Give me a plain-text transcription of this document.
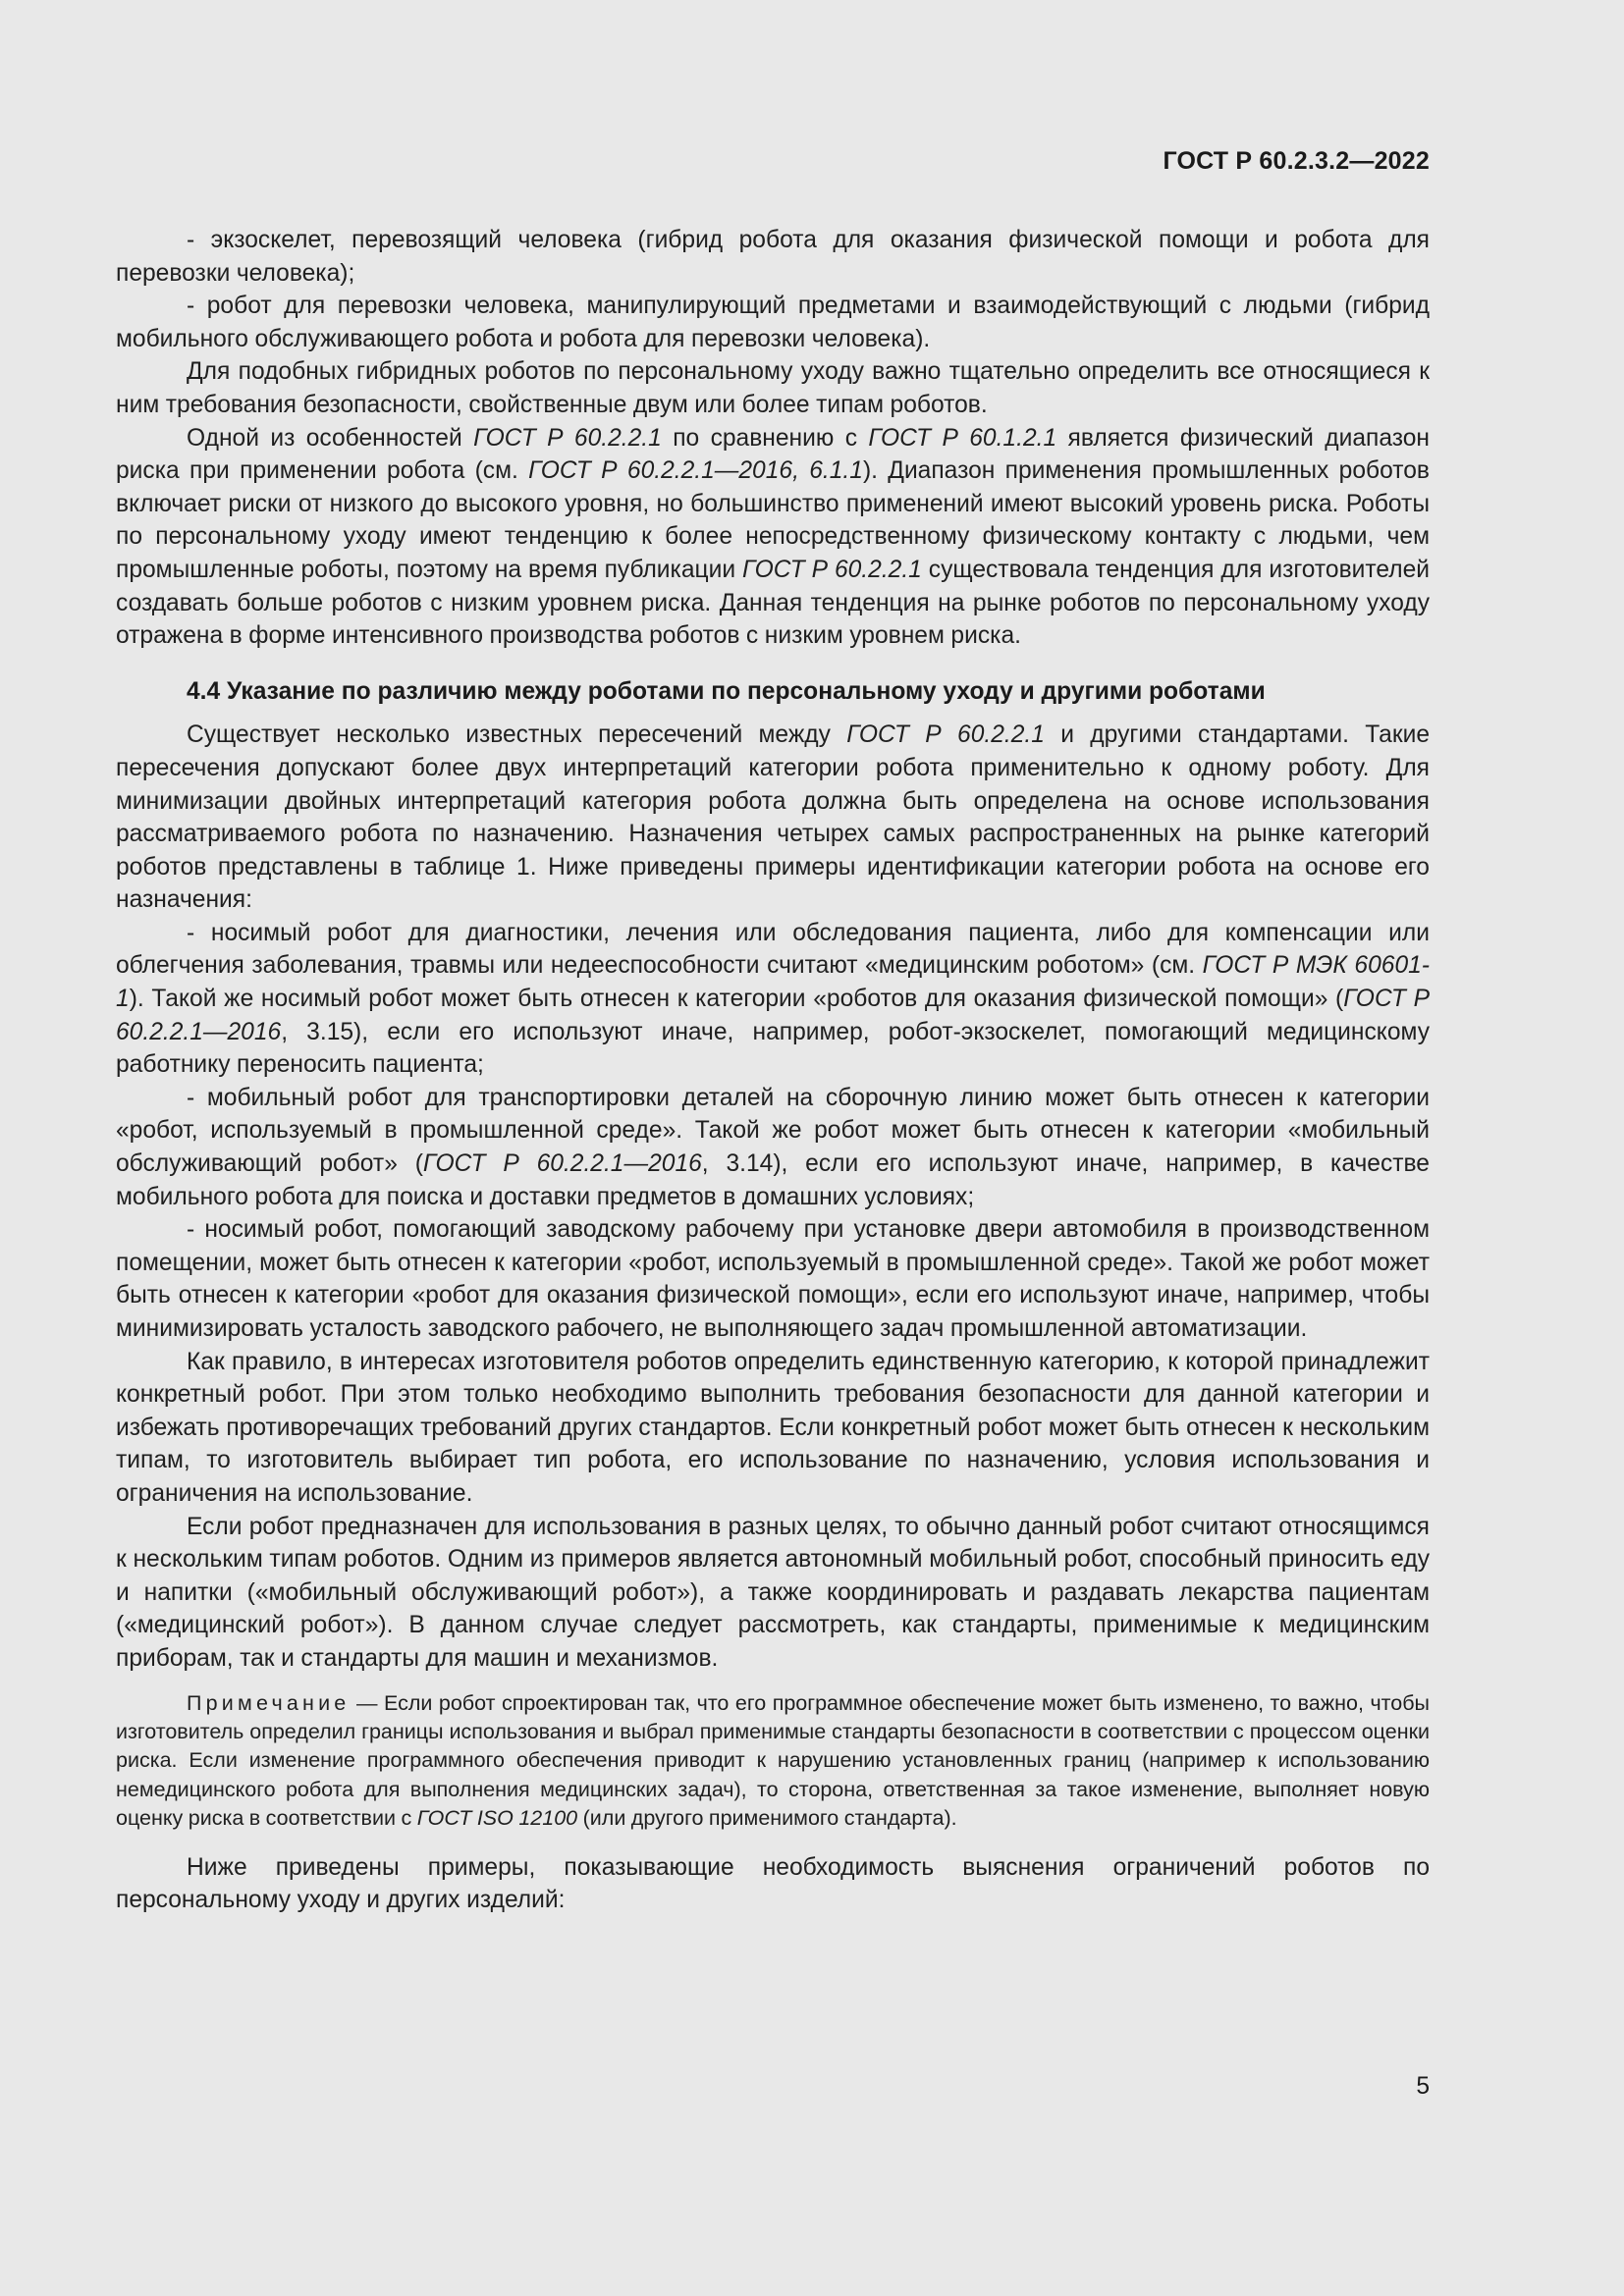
ГОСТ Р 60.2.3.2—2022

- экзоскелет, перевозящий человека (гибрид робота для оказания физической помощи и робота для перевозки человека);

- робот для перевозки человека, манипулирующий предметами и взаимодействующий с людьми (гибрид мобильного обслуживающего робота и робота для перевозки человека).

Для подобных гибридных роботов по персональному уходу важно тщательно определить все относящиеся к ним требования безопасности, свойственные двум или более типам роботов.

Одной из особенностей ГОСТ Р 60.2.2.1 по сравнению с ГОСТ Р 60.1.2.1 является физический диапазон риска при применении робота (см. ГОСТ Р 60.2.2.1—2016, 6.1.1). Диапазон применения промышленных роботов включает риски от низкого до высокого уровня, но большинство применений имеют высокий уровень риска. Роботы по персональному уходу имеют тенденцию к более непосредственному физическому контакту с людьми, чем промышленные роботы, поэтому на время публикации ГОСТ Р 60.2.2.1 существовала тенденция для изготовителей создавать больше роботов с низким уровнем риска. Данная тенденция на рынке роботов по персональному уходу отражена в форме интенсивного производства роботов с низким уровнем риска.

4.4 Указание по различию между роботами по персональному уходу и другими роботами

Существует несколько известных пересечений между ГОСТ Р 60.2.2.1 и другими стандартами. Такие пересечения допускают более двух интерпретаций категории робота применительно к одному роботу. Для минимизации двойных интерпретаций категория робота должна быть определена на основе использования рассматриваемого робота по назначению. Назначения четырех самых распространенных на рынке категорий роботов представлены в таблице 1. Ниже приведены примеры идентификации категории робота на основе его назначения:

- носимый робот для диагностики, лечения или обследования пациента, либо для компенсации или облегчения заболевания, травмы или недееспособности считают «медицинским роботом» (см. ГОСТ Р МЭК 60601-1). Такой же носимый робот может быть отнесен к категории «роботов для оказания физической помощи» (ГОСТ Р 60.2.2.1—2016, 3.15), если его используют иначе, например, робот-экзоскелет, помогающий медицинскому работнику переносить пациента;

- мобильный робот для транспортировки деталей на сборочную линию может быть отнесен к категории «робот, используемый в промышленной среде». Такой же робот может быть отнесен к категории «мобильный обслуживающий робот» (ГОСТ Р 60.2.2.1—2016, 3.14), если его используют иначе, например, в качестве мобильного робота для поиска и доставки предметов в домашних условиях;

- носимый робот, помогающий заводскому рабочему при установке двери автомобиля в производственном помещении, может быть отнесен к категории «робот, используемый в промышленной среде». Такой же робот может быть отнесен к категории «робот для оказания физической помощи», если его используют иначе, например, чтобы минимизировать усталость заводского рабочего, не выполняющего задач промышленной автоматизации.

Как правило, в интересах изготовителя роботов определить единственную категорию, к которой принадлежит конкретный робот. При этом только необходимо выполнить требования безопасности для данной категории и избежать противоречащих требований других стандартов. Если конкретный робот может быть отнесен к нескольким типам, то изготовитель выбирает тип робота, его использование по назначению, условия использования и ограничения на использование.

Если робот предназначен для использования в разных целях, то обычно данный робот считают относящимся к нескольким типам роботов. Одним из примеров является автономный мобильный робот, способный приносить еду и напитки («мобильный обслуживающий робот»), а также координировать и раздавать лекарства пациентам («медицинский робот»). В данном случае следует рассмотреть, как стандарты, применимые к медицинским приборам, так и стандарты для машин и механизмов.

Примечание — Если робот спроектирован так, что его программное обеспечение может быть изменено, то важно, чтобы изготовитель определил границы использования и выбрал применимые стандарты безопасности в соответствии с процессом оценки риска. Если изменение программного обеспечения приводит к нарушению установленных границ (например к использованию немедицинского робота для выполнения медицинских задач), то сторона, ответственная за такое изменение, выполняет новую оценку риска в соответствии с ГОСТ ISO 12100 (или другого применимого стандарта).

Ниже приведены примеры, показывающие необходимость выяснения ограничений роботов по персональному уходу и других изделий:

5
